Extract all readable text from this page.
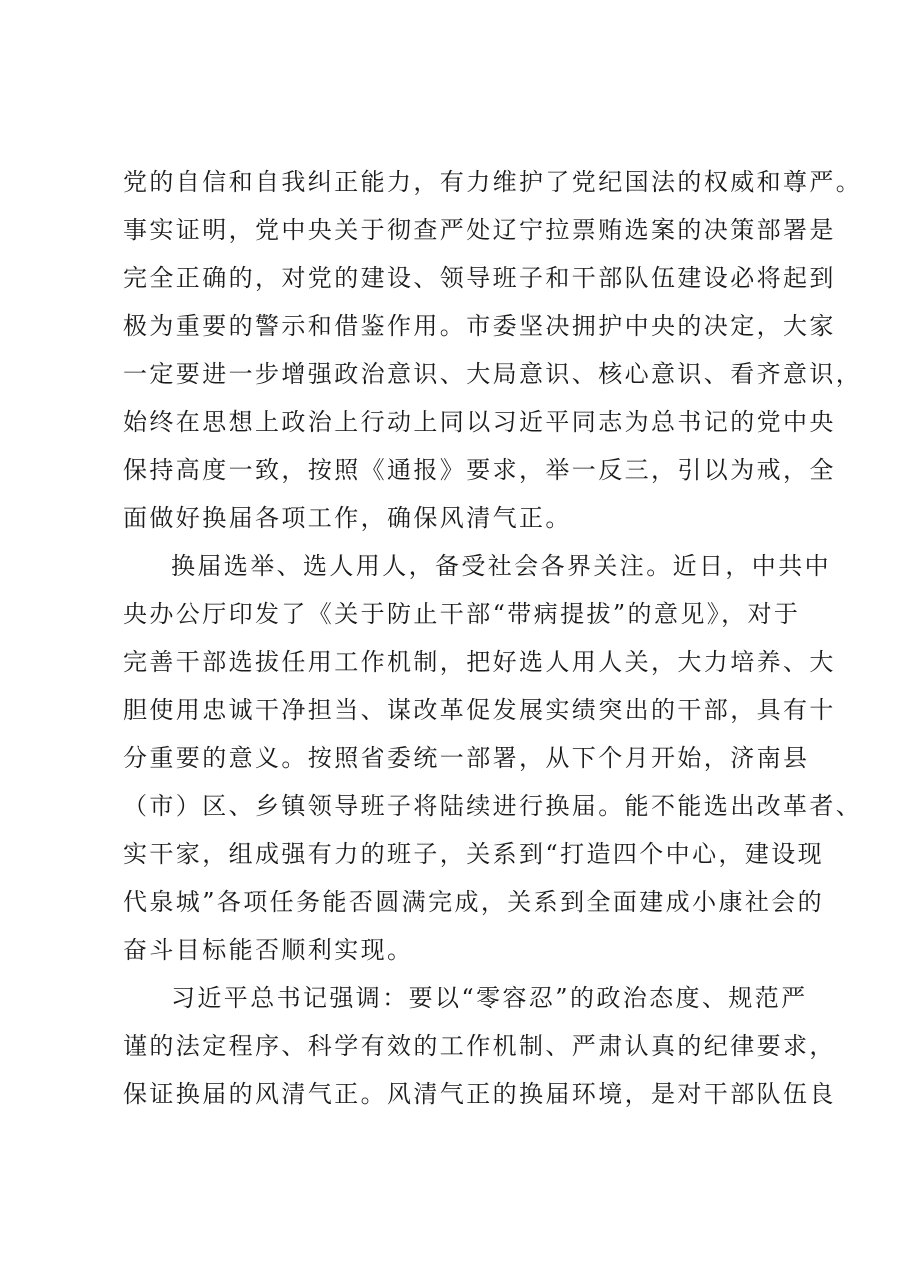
党的自信和自我纠正能力，有力维护了党纪国法的权威和尊严。
事实证明，党中央关于彻查严处辽宁拉票贿选案的决策部署是
完全正确的，对党的建设、领导班子和干部队伍建设必将起到
极为重要的警示和借鉴作用。市委坚决拥护中央的决定，大家
一定要进一步增强政治意识、大局意识、核心意识、看齐意识，
始终在思想上政治上行动上同以习近平同志为总书记的党中央
保持高度一致，按照《通报》要求，举一反三，引以为戒，全
面做好换届各项工作，确保风清气正。
换届选举、选人用人，备受社会各界关注。近日，中共中
央办公厅印发了《关于防止干部“带病提拔”的意见》，对于
完善干部选拔任用工作机制，把好选人用人关，大力培养、大
胆使用忠诚干净担当、谋改革促发展实绩突出的干部，具有十
分重要的意义。按照省委统一部署，从下个月开始，济南县
（市）区、乡镇领导班子将陆续进行换届。能不能选出改革者、
实干家，组成强有力的班子，关系到“打造四个中心，建设现
代泉城”各项任务能否圆满完成，关系到全面建成小康社会的
奋斗目标能否顺利实现。
习近平总书记强调：要以“零容忍”的政治态度、规范严
谨的法定程序、科学有效的工作机制、严肃认真的纪律要求，
保证换届的风清气正。风清气正的换届环境，是对干部队伍良
